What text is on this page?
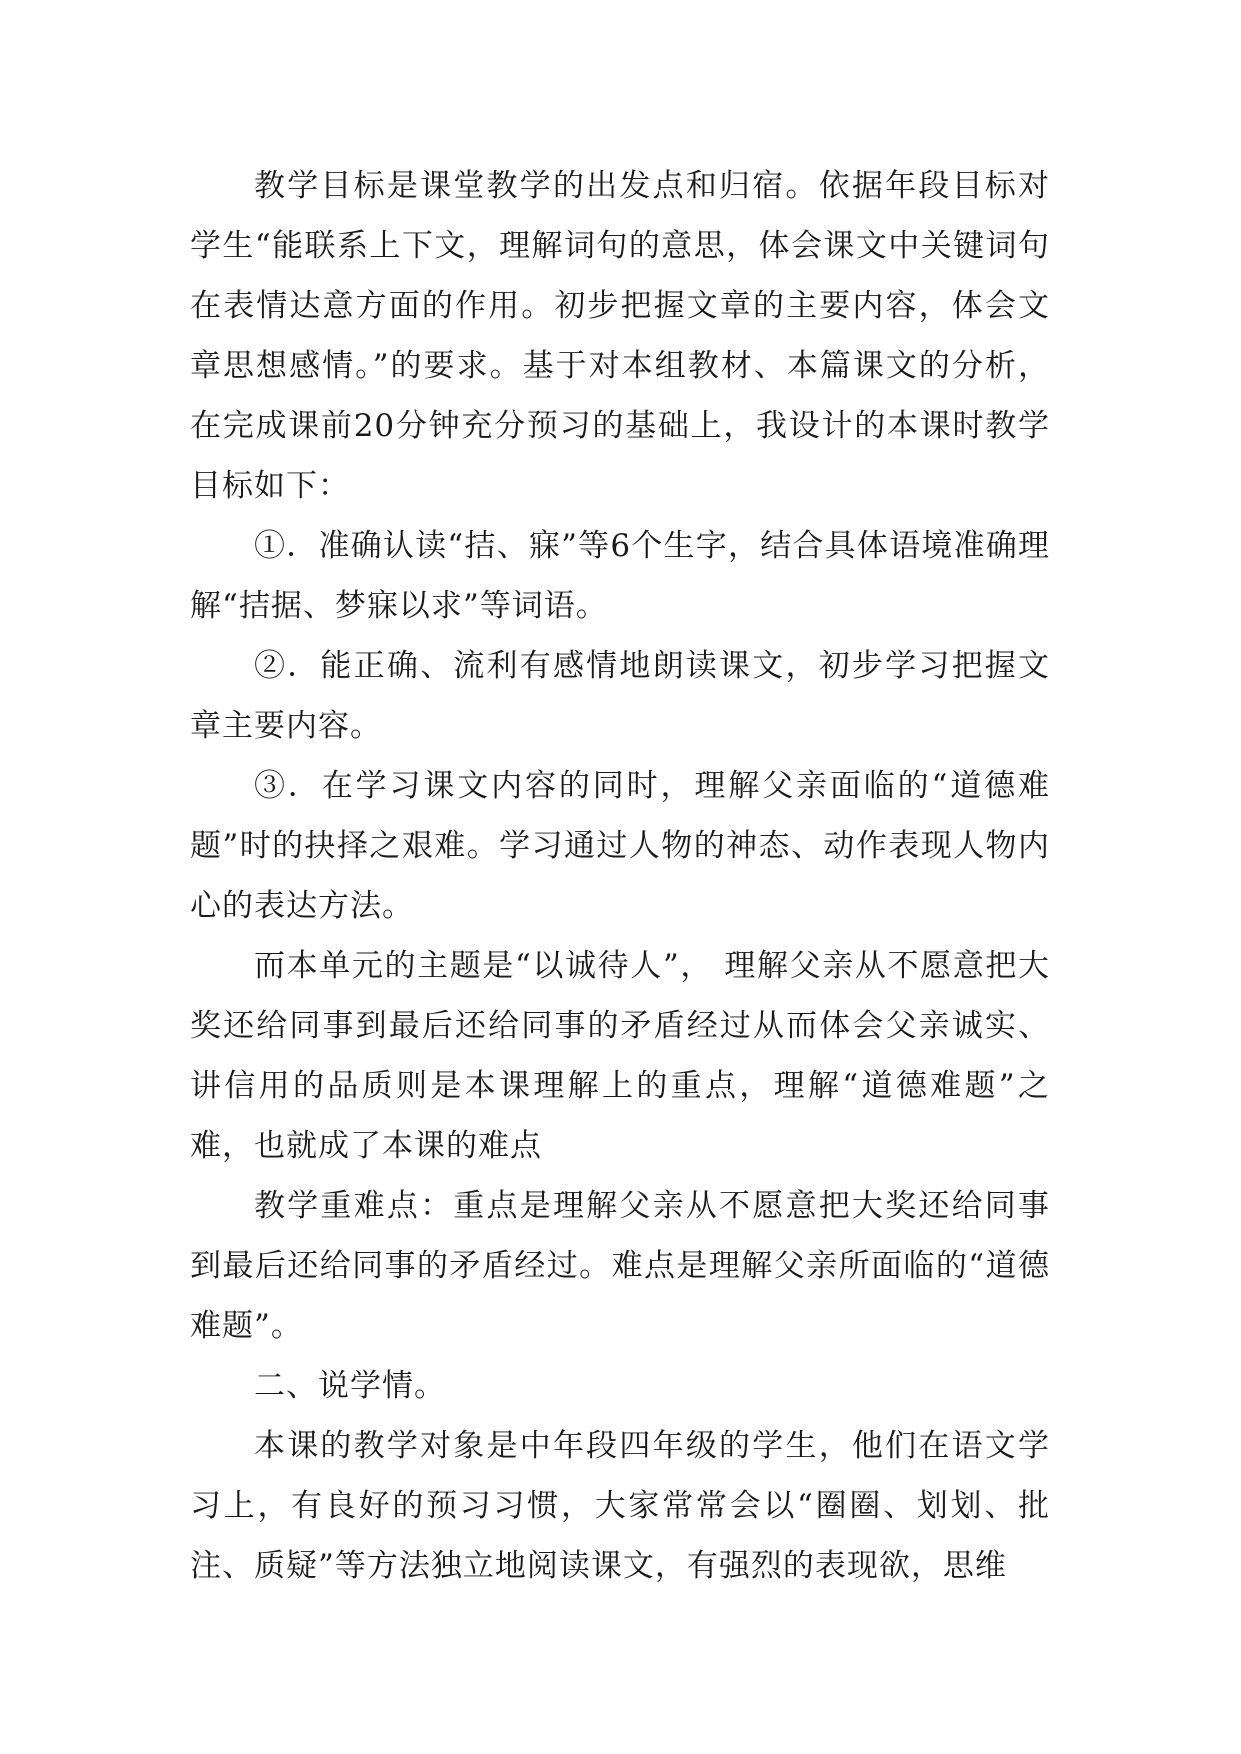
教学目标是课堂教学的出发点和归宿。依据年段目标对学生“能联系上下文，理解词句的意思，体会课文中关键词句在表情达意方面的作用。初步把握文章的主要内容，体会文章思想感情。”的要求。基于对本组教材、本篇课文的分析，在完成课前20分钟充分预习的基础上，我设计的本课时教学目标如下：

①．准确认读“拮、寐”等6个生字，结合具体语境准确理解“拮据、梦寐以求”等词语。

②．能正确、流利有感情地朗读课文，初步学习把握文章主要内容。

③．在学习课文内容的同时，理解父亲面临的“道德难题”时的抉择之艰难。学习通过人物的神态、动作表现人物内心的表达方法。

而本单元的主题是“以诚待人”， 理解父亲从不愿意把大奖还给同事到最后还给同事的矛盾经过从而体会父亲诚实、讲信用的品质则是本课理解上的重点，理解“道德难题”之难，也就成了本课的难点

教学重难点：重点是理解父亲从不愿意把大奖还给同事到最后还给同事的矛盾经过。难点是理解父亲所面临的“道德难题”。

二、说学情。

本课的教学对象是中年段四年级的学生，他们在语文学习上，有良好的预习习惯，大家常常会以“圈圈、划划、批注、质疑”等方法独立地阅读课文，有强烈的表现欲，思维
